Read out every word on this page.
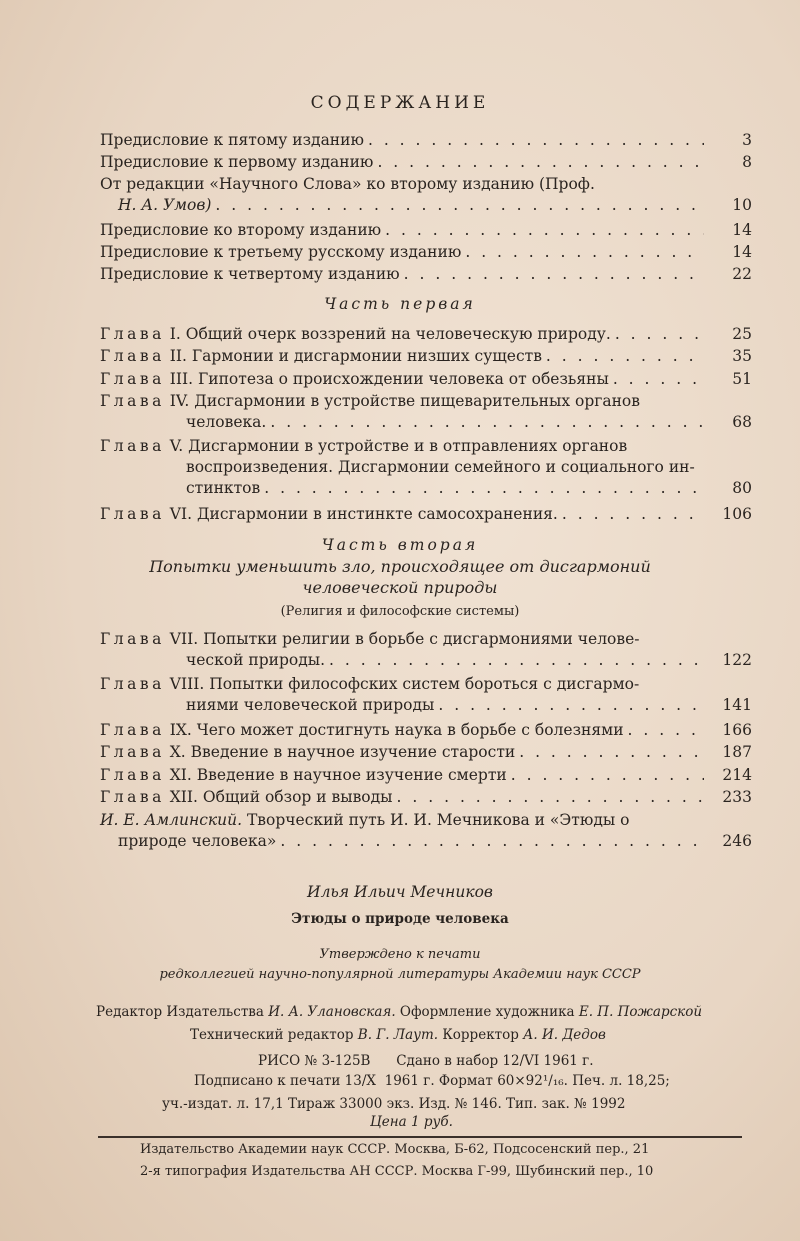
СОДЕРЖАНИЕ
Предисловие к пятому изданию . . .	3
Предисловие к первому изданию . . .	8
От редакции «Научного Слова» ко второму изданию (Проф.
Н. А. Умов) . . .	10
Предисловие ко второму изданию . . .	14
Предисловие к третьему русскому изданию . . .	14
Предисловие к четвертому изданию . . .	22
Часть первая
Глава I. Общий очерк воззрений на человеческую природу. . . .	25
Глава II. Гармонии и дисгармонии низших существ . . .	35
Глава III. Гипотеза о происхождении человека от обезьяны . . .	51
Глава IV. Дисгармонии в устройстве пищеварительных органов
человека. . . .	68
Глава V. Дисгармонии в устройстве и в отправлениях органов
воспроизведения. Дисгармонии семейного и социального ин-
стинктов . . .	80
Глава VI. Дисгармонии в инстинкте самосохранения. . . .	106
Часть вторая
Попытки уменьшить зло, происходящее от дисгармоний
человеческой природы
(Религия и философские системы)
Глава VII. Попытки религии в борьбе с дисгармониями челове-
ческой природы. . . .	122
Глава VIII. Попытки философских систем бороться с дисгармо-
ниями человеческой природы . . .	141
Глава IX. Чего может достигнуть наука в борьбе с болезнями . . .	166
Глава X. Введение в научное изучение старости . . .	187
Глава XI. Введение в научное изучение смерти . . .	214
Глава XII. Общий обзор и выводы . . .	233
И. Е. Амлинский. Творческий путь И. И. Мечникова и «Этюды о
природе человека» . . .	246
Илья Ильич Мечников
Этюды о природе человека
Утверждено к печати
редколлегией научно-популярной литературы Академии наук СССР
Редактор Издательства И. А. Улановская. Оформление художника Е. П. Пожарской
Технический редактор В. Г. Лаут. Корректор А. И. Дедов
РИСО № 3-125В      Сдано в набор 12/VI 1961 г.
Подписано к печати 13/X  1961 г. Формат 60×92¹/₁₆. Печ. л. 18,25;
уч.-издат. л. 17,1 Тираж 33000 экз. Изд. № 146. Тип. зак. № 1992
Цена 1 руб.
Издательство Академии наук СССР. Москва, Б-62, Подсосенский пер., 21
2-я типография Издательства АН СССР. Москва Г-99, Шубинский пер., 10
